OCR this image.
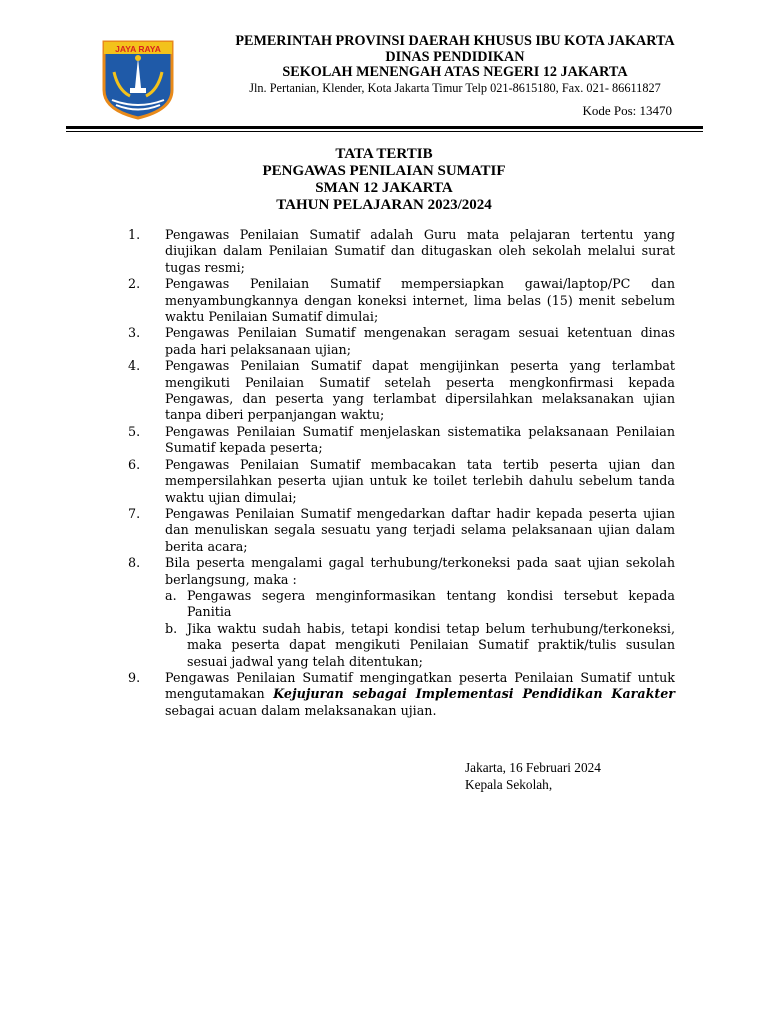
JAYA RAYA	PEMERINTAH PROVINSI DAERAH KHUSUS IBU KOTA JAKARTA
DINAS PENDIDIKAN
SEKOLAH MENENGAH ATAS NEGERI 12 JAKARTA
Jln. Pertanian, Klender, Kota Jakarta Timur Telp 021-8615180, Fax. 021- 86611827
Kode Pos: 13470
TATA TERTIB
PENGAWAS PENILAIAN SUMATIF
SMAN 12 JAKARTA
TAHUN PELAJARAN 2023/2024
1. Pengawas Penilaian Sumatif adalah Guru mata pelajaran tertentu yang diujikan dalam Penilaian Sumatif dan ditugaskan oleh sekolah melalui surat tugas resmi;
2. Pengawas Penilaian Sumatif mempersiapkan gawai/laptop/PC dan menyambungkannya dengan koneksi internet, lima belas (15) menit sebelum waktu Penilaian Sumatif dimulai;
3. Pengawas Penilaian Sumatif mengenakan seragam sesuai ketentuan dinas pada hari pelaksanaan ujian;
4. Pengawas Penilaian Sumatif dapat mengijinkan peserta yang terlambat mengikuti Penilaian Sumatif setelah peserta mengkonfirmasi kepada Pengawas, dan peserta yang terlambat dipersilahkan melaksanakan ujian tanpa diberi perpanjangan waktu;
5. Pengawas Penilaian Sumatif menjelaskan sistematika pelaksanaan Penilaian Sumatif kepada peserta;
6. Pengawas Penilaian Sumatif membacakan tata tertib peserta ujian dan mempersilahkan peserta ujian untuk ke toilet terlebih dahulu sebelum tanda waktu ujian dimulai;
7. Pengawas Penilaian Sumatif mengedarkan daftar hadir kepada peserta ujian dan menuliskan segala sesuatu yang terjadi selama pelaksanaan ujian dalam berita acara;
8. Bila peserta mengalami gagal terhubung/terkoneksi pada saat ujian sekolah berlangsung, maka :
a. Pengawas segera menginformasikan tentang kondisi tersebut kepada Panitia
b. Jika waktu sudah habis, tetapi kondisi tetap belum terhubung/terkoneksi, maka peserta dapat mengikuti Penilaian Sumatif praktik/tulis susulan sesuai jadwal yang telah ditentukan;
9. Pengawas Penilaian Sumatif mengingatkan peserta Penilaian Sumatif untuk mengutamakan Kejujuran sebagai Implementasi Pendidikan Karakter sebagai acuan dalam melaksanakan ujian.
Jakarta, 16 Februari 2024
Kepala Sekolah,
